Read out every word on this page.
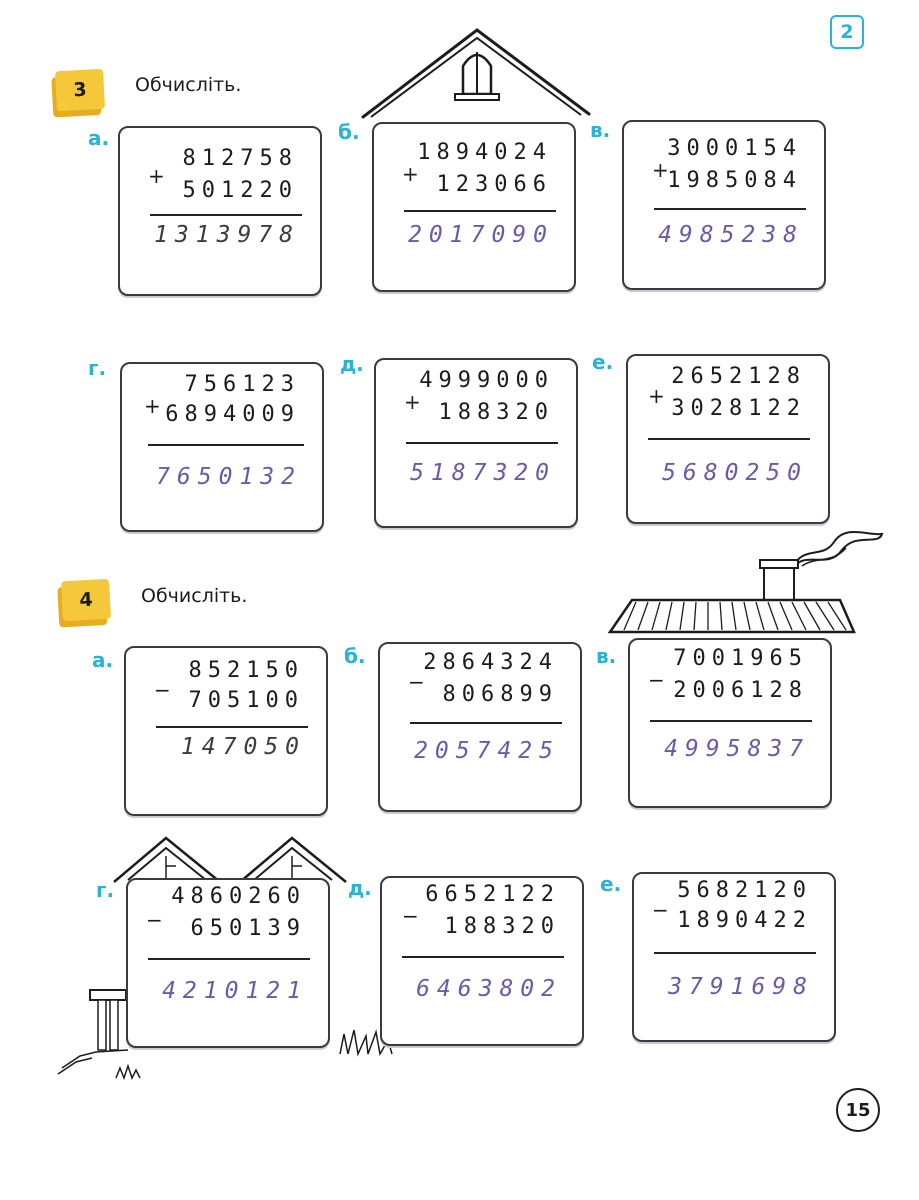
2
3	Обчисліть.
а.
812758
+
501220
1313978
б.
1894024
+ 123066
2017090
в.
3000154
+
1985084
4985238
г.
756123
+ 6894009
7650132
д.
4999000
+ 188320
5187320
е.
2652128
+ 3028122
5680250
4	Обчисліть.
а.	852150
− 705100
147050
б.	2864324
− 806899
2057425
в.	7001965
− 2006128
4995837
г.	4860260
− 650139
4210121
д. 6652122
− 188320
6463802
е.	5682120
− 1890422
3791698
15
